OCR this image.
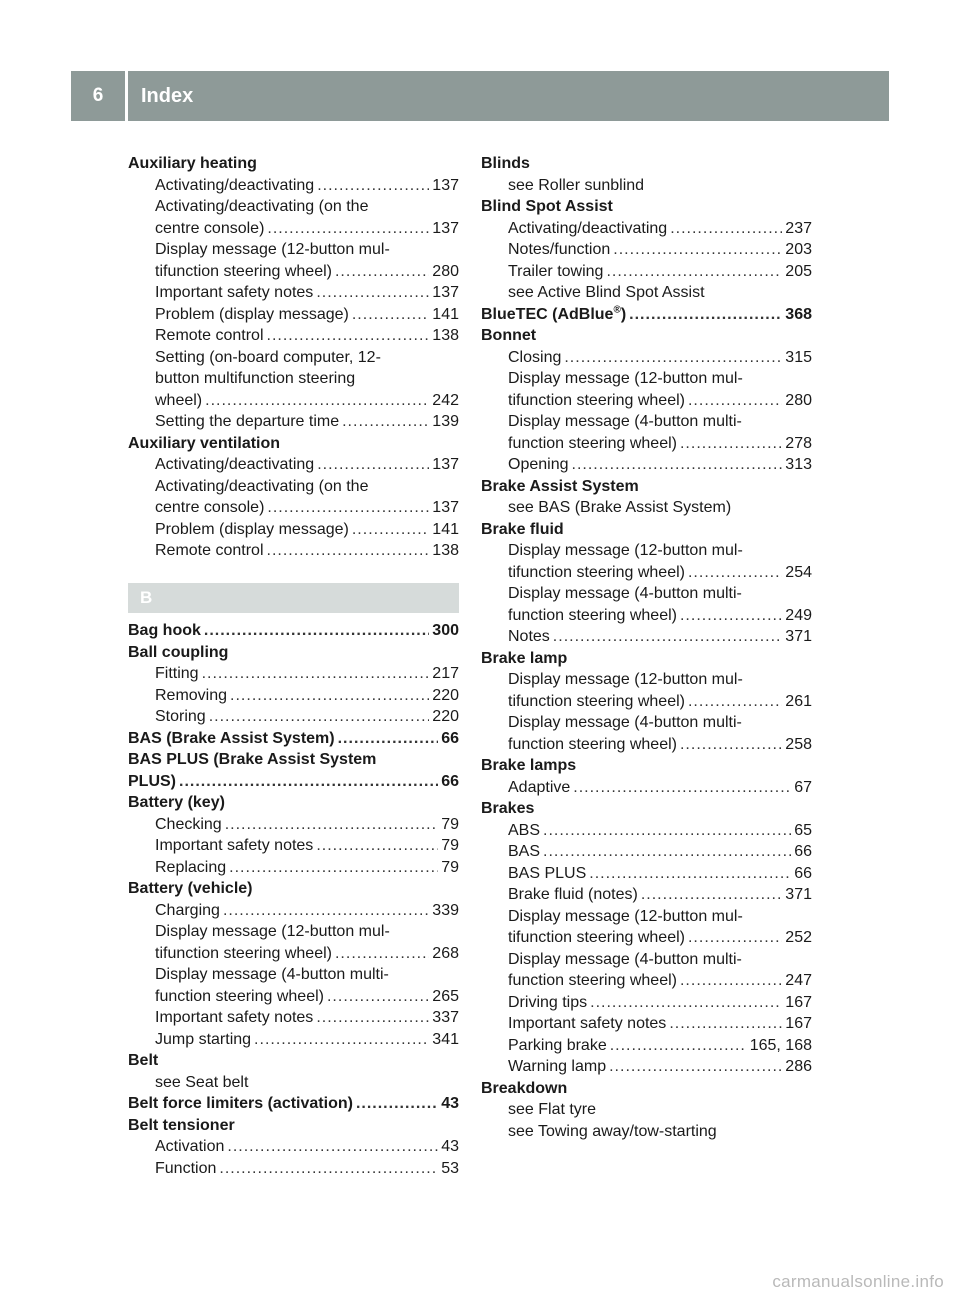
6	Index
Auxiliary heating
Activating/deactivating .....	137
Activating/deactivating (on the
centre console) .....	137
Display message (12-button mul-
tifunction steering wheel) .....	280
Important safety notes .....	137
Problem (display message) .....	141
Remote control .....	138
Setting (on-board computer, 12-
button multifunction steering
wheel) .....	242
Setting the departure time .....	139
Auxiliary ventilation
Activating/deactivating .....	137
Activating/deactivating (on the
centre console) .....	137
Problem (display message) .....	141
Remote control .....	138
B
Bag hook .....	300
Ball coupling
Fitting .....	217
Removing .....	220
Storing .....	220
BAS (Brake Assist System) .....	66
BAS PLUS (Brake Assist System
PLUS) .....	66
Battery (key)
Checking .....	79
Important safety notes .....	79
Replacing .....	79
Battery (vehicle)
Charging .....	339
Display message (12-button mul-
tifunction steering wheel) .....	268
Display message (4-button multi-
function steering wheel) .....	265
Important safety notes .....	337
Jump starting .....	341
Belt
see Seat belt
Belt force limiters (activation) .....	43
Belt tensioner
Activation .....	43
Function .....	53
Blinds
see Roller sunblind
Blind Spot Assist
Activating/deactivating .....	237
Notes/function .....	203
Trailer towing .....	205
see Active Blind Spot Assist
BlueTEC (AdBlue®) .....	368
Bonnet
Closing .....	315
Display message (12-button mul-
tifunction steering wheel) .....	280
Display message (4-button multi-
function steering wheel) .....	278
Opening .....	313
Brake Assist System
see BAS (Brake Assist System)
Brake fluid
Display message (12-button mul-
tifunction steering wheel) .....	254
Display message (4-button multi-
function steering wheel) .....	249
Notes .....	371
Brake lamp
Display message (12-button mul-
tifunction steering wheel) .....	261
Display message (4-button multi-
function steering wheel) .....	258
Brake lamps
Adaptive .....	67
Brakes
ABS .....	65
BAS .....	66
BAS PLUS .....	66
Brake fluid (notes) .....	371
Display message (12-button mul-
tifunction steering wheel) .....	252
Display message (4-button multi-
function steering wheel) .....	247
Driving tips .....	167
Important safety notes .....	167
Parking brake .....	165, 168
Warning lamp .....	286
Breakdown
see Flat tyre
see Towing away/tow-starting
carmanualsonline.info
